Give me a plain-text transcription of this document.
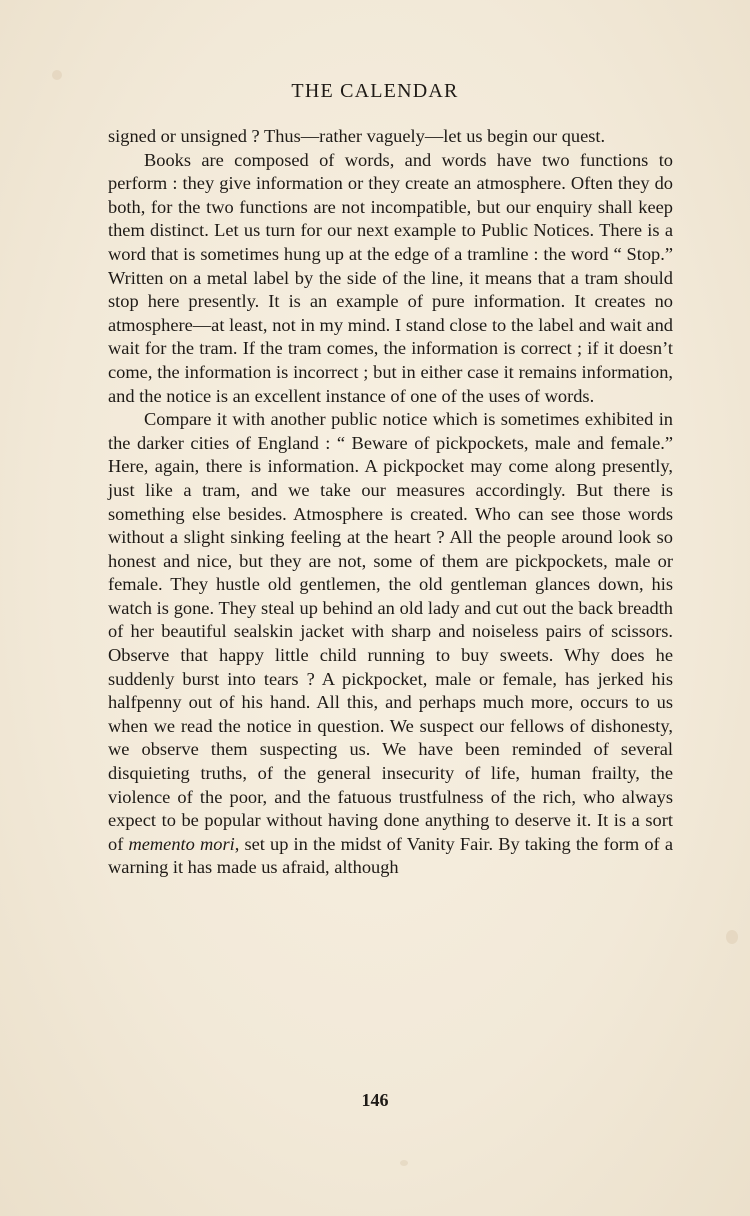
THE CALENDAR

signed or unsigned ? Thus—rather vaguely—let us begin our quest.

Books are composed of words, and words have two functions to perform : they give information or they create an atmosphere. Often they do both, for the two functions are not incompatible, but our enquiry shall keep them distinct. Let us turn for our next example to Public Notices. There is a word that is sometimes hung up at the edge of a tramline : the word “ Stop.” Written on a metal label by the side of the line, it means that a tram should stop here presently. It is an example of pure information. It creates no atmosphere—at least, not in my mind. I stand close to the label and wait and wait for the tram. If the tram comes, the information is correct ; if it doesn’t come, the information is incorrect ; but in either case it remains information, and the notice is an excellent instance of one of the uses of words.

Compare it with another public notice which is sometimes exhibited in the darker cities of England : “ Beware of pickpockets, male and female.” Here, again, there is information. A pickpocket may come along presently, just like a tram, and we take our measures accordingly. But there is something else besides. Atmosphere is created. Who can see those words without a slight sinking feeling at the heart ? All the people around look so honest and nice, but they are not, some of them are pickpockets, male or female. They hustle old gentlemen, the old gentleman glances down, his watch is gone. They steal up behind an old lady and cut out the back breadth of her beautiful sealskin jacket with sharp and noiseless pairs of scissors. Observe that happy little child running to buy sweets. Why does he suddenly burst into tears ? A pickpocket, male or female, has jerked his halfpenny out of his hand. All this, and perhaps much more, occurs to us when we read the notice in question. We suspect our fellows of dishonesty, we observe them suspecting us. We have been reminded of several disquieting truths, of the general insecurity of life, human frailty, the violence of the poor, and the fatuous trustfulness of the rich, who always expect to be popular without having done anything to deserve it. It is a sort of memento mori, set up in the midst of Vanity Fair. By taking the form of a warning it has made us afraid, although

146
